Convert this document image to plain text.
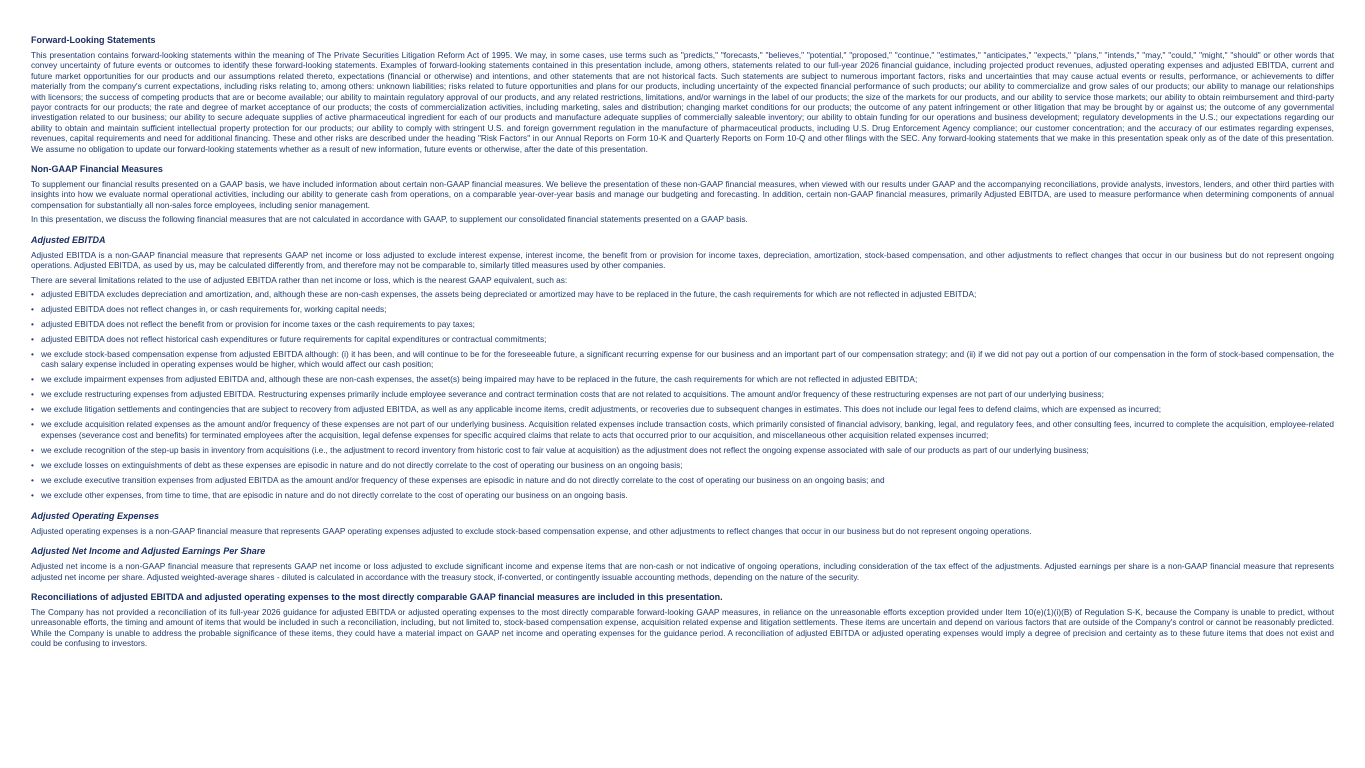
Forward-Looking Statements

This presentation contains forward-looking statements within the meaning of The Private Securities Litigation Reform Act of 1995. We may, in some cases, use terms such as "predicts," "forecasts," "believes," "potential," "proposed," "continue," "estimates," "anticipates," "expects," "plans," "intends," "may," "could," "might," "should" or other words that convey uncertainty of future events or outcomes to identify these forward-looking statements. Examples of forward-looking statements contained in this presentation include, among others, statements related to our full-year 2026 financial guidance, including projected product revenues, adjusted operating expenses and adjusted EBITDA, current and future market opportunities for our products and our assumptions related thereto, expectations (financial or otherwise) and intentions, and other statements that are not historical facts. Such statements are subject to numerous important factors, risks and uncertainties that may cause actual events or results, performance, or achievements to differ materially from the company's current expectations, including risks relating to, among others: unknown liabilities; risks related to future opportunities and plans for our products, including uncertainty of the expected financial performance of such products; our ability to commercialize and grow sales of our products; our ability to manage our relationships with licensors; the success of competing products that are or become available; our ability to maintain regulatory approval of our products, and any related restrictions, limitations, and/or warnings in the label of our products; the size of the markets for our products, and our ability to service those markets; our ability to obtain reimbursement and third-party payor contracts for our products; the rate and degree of market acceptance of our products; the costs of commercialization activities, including marketing, sales and distribution; changing market conditions for our products; the outcome of any patent infringement or other litigation that may be brought by or against us; the outcome of any governmental investigation related to our business; our ability to secure adequate supplies of active pharmaceutical ingredient for each of our products and manufacture adequate supplies of commercially saleable inventory; our ability to obtain funding for our operations and business development; regulatory developments in the U.S.; our expectations regarding our ability to obtain and maintain sufficient intellectual property protection for our products; our ability to comply with stringent U.S. and foreign government regulation in the manufacture of pharmaceutical products, including U.S. Drug Enforcement Agency compliance; our customer concentration; and the accuracy of our estimates regarding expenses, revenues, capital requirements and need for additional financing. These and other risks are described under the heading "Risk Factors" in our Annual Reports on Form 10-K and Quarterly Reports on Form 10-Q and other filings with the SEC. Any forward-looking statements that we make in this presentation speak only as of the date of this presentation. We assume no obligation to update our forward-looking statements whether as a result of new information, future events or otherwise, after the date of this presentation.

Non-GAAP Financial Measures

To supplement our financial results presented on a GAAP basis, we have included information about certain non-GAAP financial measures. We believe the presentation of these non-GAAP financial measures, when viewed with our results under GAAP and the accompanying reconciliations, provide analysts, investors, lenders, and other third parties with insights into how we evaluate normal operational activities, including our ability to generate cash from operations, on a comparable year-over-year basis and manage our budgeting and forecasting. In addition, certain non-GAAP financial measures, primarily Adjusted EBITDA, are used to measure performance when determining components of annual compensation for substantially all non-sales force employees, including senior management.

In this presentation, we discuss the following financial measures that are not calculated in accordance with GAAP, to supplement our consolidated financial statements presented on a GAAP basis.

Adjusted EBITDA

Adjusted EBITDA is a non-GAAP financial measure that represents GAAP net income or loss adjusted to exclude interest expense, interest income, the benefit from or provision for income taxes, depreciation, amortization, stock-based compensation, and other adjustments to reflect changes that occur in our business but do not represent ongoing operations. Adjusted EBITDA, as used by us, may be calculated differently from, and therefore may not be comparable to, similarly titled measures used by other companies.

There are several limitations related to the use of adjusted EBITDA rather than net income or loss, which is the nearest GAAP equivalent, such as:

• adjusted EBITDA excludes depreciation and amortization, and, although these are non-cash expenses, the assets being depreciated or amortized may have to be replaced in the future, the cash requirements for which are not reflected in adjusted EBITDA;
• adjusted EBITDA does not reflect changes in, or cash requirements for, working capital needs;
• adjusted EBITDA does not reflect the benefit from or provision for income taxes or the cash requirements to pay taxes;
• adjusted EBITDA does not reflect historical cash expenditures or future requirements for capital expenditures or contractual commitments;
• we exclude stock-based compensation expense from adjusted EBITDA although: (i) it has been, and will continue to be for the foreseeable future, a significant recurring expense for our business and an important part of our compensation strategy; and (ii) if we did not pay out a portion of our compensation in the form of stock-based compensation, the cash salary expense included in operating expenses would be higher, which would affect our cash position;
• we exclude impairment expenses from adjusted EBITDA and, although these are non-cash expenses, the asset(s) being impaired may have to be replaced in the future, the cash requirements for which are not reflected in adjusted EBITDA;
• we exclude restructuring expenses from adjusted EBITDA. Restructuring expenses primarily include employee severance and contract termination costs that are not related to acquisitions. The amount and/or frequency of these restructuring expenses are not part of our underlying business;
• we exclude litigation settlements and contingencies that are subject to recovery from adjusted EBITDA, as well as any applicable income items, credit adjustments, or recoveries due to subsequent changes in estimates. This does not include our legal fees to defend claims, which are expensed as incurred;
• we exclude acquisition related expenses as the amount and/or frequency of these expenses are not part of our underlying business. Acquisition related expenses include transaction costs, which primarily consisted of financial advisory, banking, legal, and regulatory fees, and other consulting fees, incurred to complete the acquisition, employee-related expenses (severance cost and benefits) for terminated employees after the acquisition, legal defense expenses for specific acquired claims that relate to acts that occurred prior to our acquisition, and miscellaneous other acquisition related expenses incurred;
• we exclude recognition of the step-up basis in inventory from acquisitions (i.e., the adjustment to record inventory from historic cost to fair value at acquisition) as the adjustment does not reflect the ongoing expense associated with sale of our products as part of our underlying business;
• we exclude losses on extinguishments of debt as these expenses are episodic in nature and do not directly correlate to the cost of operating our business on an ongoing basis;
• we exclude executive transition expenses from adjusted EBITDA as the amount and/or frequency of these expenses are episodic in nature and do not directly correlate to the cost of operating our business on an ongoing basis; and
• we exclude other expenses, from time to time, that are episodic in nature and do not directly correlate to the cost of operating our business on an ongoing basis.
Adjusted Operating Expenses

Adjusted operating expenses is a non-GAAP financial measure that represents GAAP operating expenses adjusted to exclude stock-based compensation expense, and other adjustments to reflect changes that occur in our business but do not represent ongoing operations.

Adjusted Net Income and Adjusted Earnings Per Share

Adjusted net income is a non-GAAP financial measure that represents GAAP net income or loss adjusted to exclude significant income and expense items that are non-cash or not indicative of ongoing operations, including consideration of the tax effect of the adjustments. Adjusted earnings per share is a non-GAAP financial measure that represents adjusted net income per share. Adjusted weighted-average shares - diluted is calculated in accordance with the treasury stock, if-converted, or contingently issuable accounting methods, depending on the nature of the security.

Reconciliations of adjusted EBITDA and adjusted operating expenses to the most directly comparable GAAP financial measures are included in this presentation.

The Company has not provided a reconciliation of its full-year 2026 guidance for adjusted EBITDA or adjusted operating expenses to the most directly comparable forward-looking GAAP measures, in reliance on the unreasonable efforts exception provided under Item 10(e)(1)(i)(B) of Regulation S-K, because the Company is unable to predict, without unreasonable efforts, the timing and amount of items that would be included in such a reconciliation, including, but not limited to, stock-based compensation expense, acquisition related expense and litigation settlements. These items are uncertain and depend on various factors that are outside of the Company's control or cannot be reasonably predicted. While the Company is unable to address the probable significance of these items, they could have a material impact on GAAP net income and operating expenses for the guidance period. A reconciliation of adjusted EBITDA or adjusted operating expenses would imply a degree of precision and certainty as to these future items that does not exist and could be confusing to investors.
